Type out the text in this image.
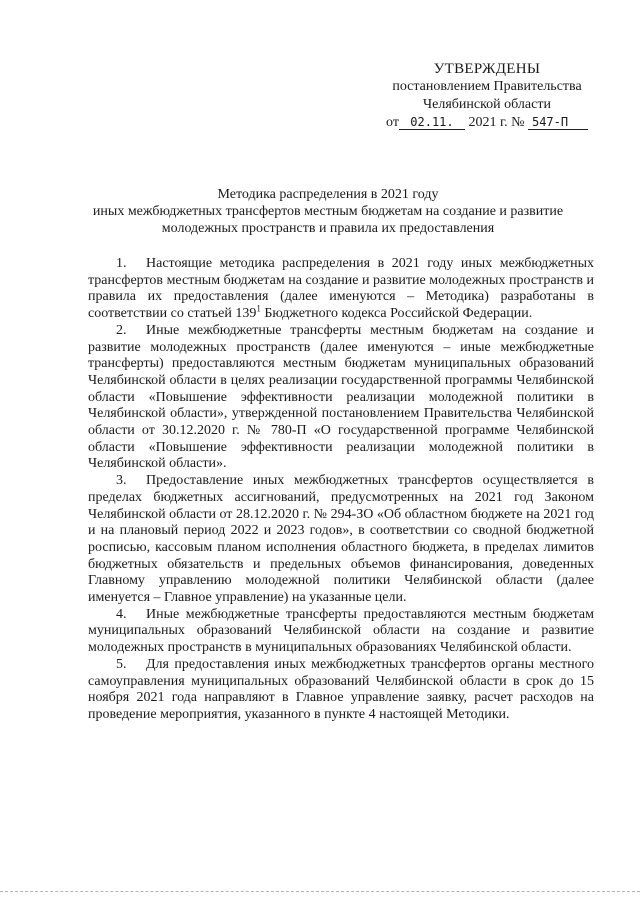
УТВЕРЖДЕНЫ
постановлением Правительства
Челябинской области
от 02.11. 2021 г. № 547-П
Методика распределения в 2021 году
иных межбюджетных трансфертов местным бюджетам на создание и развитие
молодежных пространств и правила их предоставления

1. Настоящие методика распределения в 2021 году иных межбюджетных трансфертов местным бюджетам на создание и развитие молодежных пространств и правила их предоставления (далее именуются – Методика) разработаны в соответствии со статьей $139^1$ Бюджетного кодекса Российской Федерации.

2. Иные межбюджетные трансферты местным бюджетам на создание и развитие молодежных пространств (далее именуются – иные межбюджетные трансферты) предоставляются местным бюджетам муниципальных образований Челябинской области в целях реализации государственной программы Челябинской области «Повышение эффективности реализации молодежной политики в Челябинской области», утвержденной постановлением Правительства Челябинской области от 30.12.2020 г. № 780-П «О государственной программе Челябинской области «Повышение эффективности реализации молодежной политики в Челябинской области».

3. Предоставление иных межбюджетных трансфертов осуществляется в пределах бюджетных ассигнований, предусмотренных на 2021 год Законом Челябинской области от 28.12.2020 г. № 294-ЗО «Об областном бюджете на 2021 год и на плановый период 2022 и 2023 годов», в соответствии со сводной бюджетной росписью, кассовым планом исполнения областного бюджета, в пределах лимитов бюджетных обязательств и предельных объемов финансирования, доведенных Главному управлению молодежной политики Челябинской области (далее именуется – Главное управление) на указанные цели.

4. Иные межбюджетные трансферты предоставляются местным бюджетам муниципальных образований Челябинской области на создание и развитие молодежных пространств в муниципальных образованиях Челябинской области.

5. Для предоставления иных межбюджетных трансфертов органы местного самоуправления муниципальных образований Челябинской области в срок до 15 ноября 2021 года направляют в Главное управление заявку, расчет расходов на проведение мероприятия, указанного в пункте 4 настоящей Методики.
